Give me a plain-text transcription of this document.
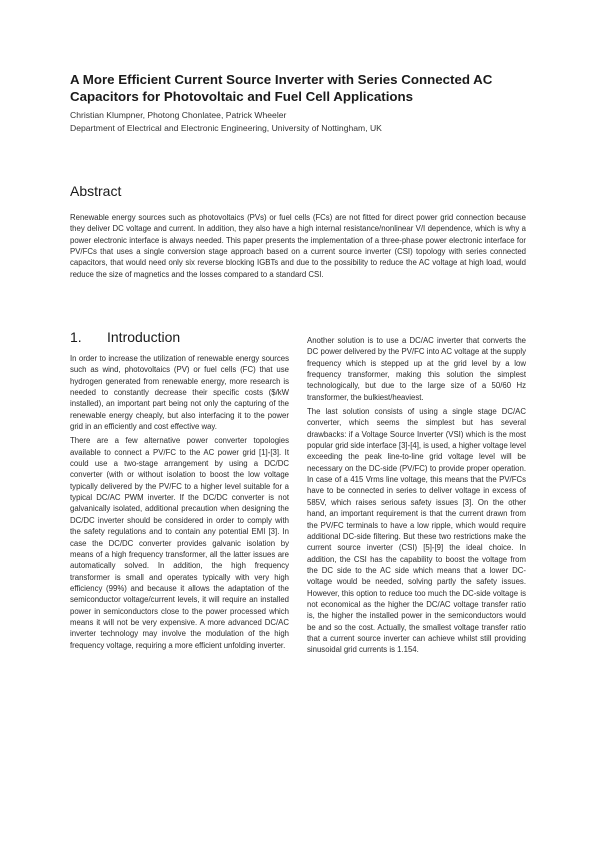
A More Efficient Current Source Inverter with Series Connected AC Capacitors for Photovoltaic and Fuel Cell Applications
Christian Klumpner, Photong Chonlatee, Patrick Wheeler
Department of Electrical and Electronic Engineering, University of Nottingham, UK
Abstract

Renewable energy sources such as photovoltaics (PVs) or fuel cells (FCs) are not fitted for direct power grid connection because they deliver DC voltage and current. In addition, they also have a high internal resistance/nonlinear V/I dependence, which is why a power electronic interface is always needed. This paper presents the implementation of a three-phase power electronic interface for PV/FCs that uses a single conversion stage approach based on a current source inverter (CSI) topology with series connected capacitors, that would need only six reverse blocking IGBTs and due to the possibility to reduce the AC voltage at high load, would reduce the size of magnetics and the losses compared to a standard CSI.

1. Introduction

In order to increase the utilization of renewable energy sources such as wind, photovoltaics (PV) or fuel cells (FC) that use hydrogen generated from renewable energy, more research is needed to constantly decrease their specific costs ($/kW installed), an important part being not only the capturing of the renewable energy cheaply, but also interfacing it to the power grid in an efficiently and cost effective way.

There are a few alternative power converter topologies available to connect a PV/FC to the AC power grid [1]-[3]. It could use a two-stage arrangement by using a DC/DC converter (with or without isolation to boost the low voltage typically delivered by the PV/FC to a higher level suitable for a typical DC/AC PWM inverter. If the DC/DC converter is not galvanically isolated, additional precaution when designing the DC/DC inverter should be considered in order to comply with the safety regulations and to contain any potential EMI [3]. In case the DC/DC converter provides galvanic isolation by means of a high frequency transformer, all the latter issues are automatically solved. In addition, the high frequency transformer is small and operates typically with very high efficiency (99%) and because it allows the adaptation of the semiconductor voltage/current levels, it will require an installed power in semiconductors close to the power processed which means it will not be very expensive. A more advanced DC/AC inverter technology may involve the modulation of the high frequency voltage, requiring a more efficient unfolding inverter.

Another solution is to use a DC/AC inverter that converts the DC power delivered by the PV/FC into AC voltage at the supply frequency which is stepped up at the grid level by a low frequency transformer, making this solution the simplest technologically, but due to the large size of a 50/60 Hz transformer, the bulkiest/heaviest.

The last solution consists of using a single stage DC/AC converter, which seems the simplest but has several drawbacks: if a Voltage Source Inverter (VSI) which is the most popular grid side interface [3]-[4], is used, a higher voltage level exceeding the peak line-to-line grid voltage level will be necessary on the DC-side (PV/FC) to provide proper operation. In case of a 415 Vrms line voltage, this means that the PV/FCs have to be connected in series to deliver voltage in excess of 585V, which raises serious safety issues [3]. On the other hand, an important requirement is that the current drawn from the PV/FC terminals to have a low ripple, which would require additional DC-side filtering. But these two restrictions make the current source inverter (CSI) [5]-[9] the ideal choice. In addition, the CSI has the capability to boost the voltage from the DC side to the AC side which means that a lower DC-voltage would be needed, solving partly the safety issues. However, this option to reduce too much the DC-side voltage is not economical as the higher the DC/AC voltage transfer ratio is, the higher the installed power in the semiconductors would be and so the cost. Actually, the smallest voltage transfer ratio that a current source inverter can achieve whilst still providing sinusoidal grid currents is 1.154.
